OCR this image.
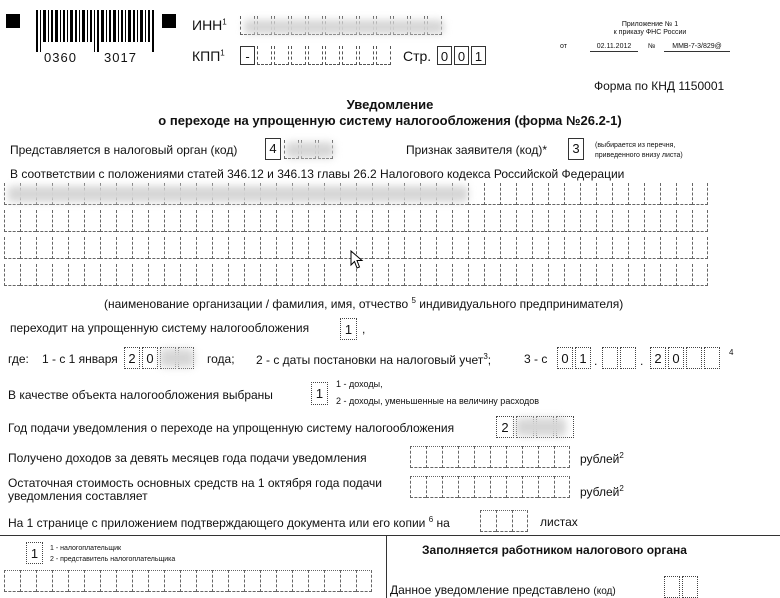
0360 3017
ИНН$^1$
КПП$^1$	-	Стр. 0 0 1
Приложение № 1
к приказу ФНС России
от	02.11.2012	№	ММВ-7-3/829@
Форма по КНД 1150001
Уведомление
о переходе на упрощенную систему налогообложения (форма №26.2-1)
Представляется в налоговый орган (код)	4	Признак заявителя (код)*	3	(выбирается из перечня,
приведенного внизу листа)
В соответствии с положениями статей 346.12 и 346.13 главы 26.2 Налогового кодекса Российской Федерации
(наименование организации / фамилия, имя, отчество $^5$ индивидуального предпринимателя)
переходит на упрощенную систему налогообложения	1 ,
где: 1 - с 1 января 2 0	года; 2 - с даты постановки на налоговый учет$^3$;	3 - с	0 1 .	. 2 0	4
В качестве объекта налогообложения выбраны	1
1 - доходы,
2 - доходы, уменьшенные на величину расходов
Год подачи уведомления о переходе на упрощенную систему налогообложения	2
Получено доходов за девять месяцев года подачи уведомления	рублей$^2$
Остаточная стоимость основных средств на 1 октября года подачи
уведомления составляет	рублей$^2$
На 1 странице с приложением подтверждающего документа или его копии $^6$ на	листах
1	1 - налогоплательщик
2 - представитель налогоплательщика
Заполняется работником налогового органа
Данное уведомление представлено (код)
